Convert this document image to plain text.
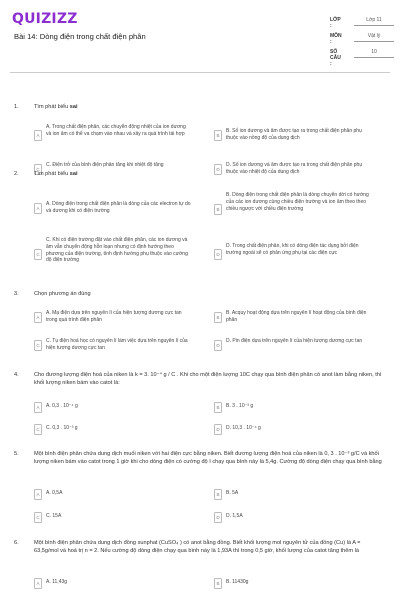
QUIZIZZ
Bài 14: Dòng điện trong chất điện phân
LỚP :
Lớp 11
MÔN :
Vật lý
SỐ CÂU :
10
1.	Tìm phát biểu sai
A
A. Trong chất điện phân, các chuyển động nhiệt của ion dương và ion âm có thể va chạm vào nhau và xảy ra quá trình tái hợp	B
B. Số ion dương và âm được tạo ra trong chất điện phân phụ thuộc vào nồng độ của dung dịch
C
C. Điện trở của bình điện phân tăng khi nhiệt độ tăng
D
D. Số ion dương và âm được tạo ra trong chất điện phân phụ thuộc vào nhiệt độ của dung dịch
2.	Tìm phát biểu sai
A
A. Dòng điện trong chất điện phân là dòng của các electron tự do và dương khi có điện trường	B
B. Dòng điện trong chất điện phân là dòng chuyển dời có hướng của các ion dương cùng chiều điện trường và ion âm theo theo chiều ngược với chiều điện trường
C
C. Khi có điện trường đặt vào chất điện phân, các ion dương và âm vẫn chuyển động hỗn loạn nhưng có định hướng theo phương của điện trường, tính định hướng phụ thuộc vào cường độ điện trường
D
D. Trong chất điện phân, khi có dòng điện tác dụng bởi điện trường ngoài sẽ có phản ứng phụ tại các điện cực
3.	Chọn phương án đúng
A
A. Mạ điện dựa trên nguyên lí của hiện tượng dương cực tan trong quá trình điện phân	B
B. Acquy hoạt động dựa trên nguyên lí hoạt động của bình điện phân
C
C. Tụ điện hoá học có nguyên lí làm việc dựa trên nguyên lí của hiện tượng dương cực tan	D
D. Pin điện dựa trên nguyên lí của hiện tượng dương cực tan
4.	Cho đương lượng điện hoá của niken là k = 3. 10⁻⁴ g / C . Khi cho một điện lượng 10C chạy qua bình điện phân có anot làm bằng niken, thì khối lượng niken bám vào catot là:
A	A. 0,3 . 10⁻⁴ g	B	B. 3 . 10⁻³ g
C	C. 0,3 . 10⁻³ g	D	D. 10,3 . 10⁻⁴ g
5.	Một bình điện phân chứa dung dịch muối niken với hai điện cực bằng niken. Biết đương lượng điện hoá của niken là 0, 3 . 10⁻³ g/C và khối lượng niken bám vào catot trong 1 giờ khi cho dòng điện có cường độ I chạy qua bình này là 5,4g. Cường độ dòng điện chạy qua bình bằng
A	A. 0,5A	B	B. 5A
C	C. 15A	D	D. 1,5A
6.	Một bình điện phân chứa dung dịch đồng sunphat (CuSO₄ ) có anot bằng đồng. Biết khối lượng mol nguyên tử của đồng (Cu) là A = 63,5g/mol và hoá trị n = 2. Nếu cường độ dòng điện chạy qua bình này là 1,93A thì trong 0,5 giờ, khối lượng của catot tăng thêm là
A	A. 11,43g	B	B. 11430g
